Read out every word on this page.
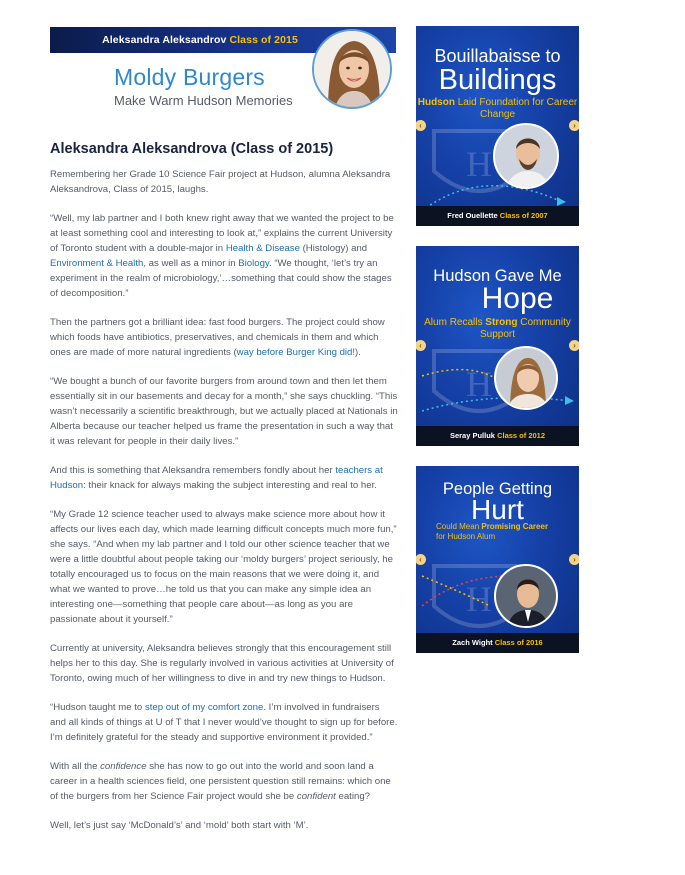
Aleksandra Aleksandrov Class of 2015
Moldy Burgers
Make Warm Hudson Memories
Aleksandra Aleksandrova (Class of 2015)

Remembering her Grade 10 Science Fair project at Hudson, alumna Aleksandra Aleksandrova, Class of 2015, laughs.

“Well, my lab partner and I both knew right away that we wanted the project to be at least something cool and interesting to look at,” explains the current University of Toronto student with a double-major in Health & Disease (Histology) and Environment & Health, as well as a minor in Biology. “We thought, ‘let’s try an experiment in the realm of microbiology,’…something that could show the stages of decomposition.”

Then the partners got a brilliant idea: fast food burgers. The project could show which foods have antibiotics, preservatives, and chemicals in them and which ones are made of more natural ingredients (way before Burger King did!).

“We bought a bunch of our favorite burgers from around town and then let them essentially sit in our basements and decay for a month,” she says chuckling. “This wasn’t necessarily a scientific breakthrough, but we actually placed at Nationals in Alberta because our teacher helped us frame the presentation in such a way that it was relevant for people in their daily lives.”

And this is something that Aleksandra remembers fondly about her teachers at Hudson: their knack for always making the subject interesting and real to her.

“My Grade 12 science teacher used to always make science more about how it affects our lives each day, which made learning difficult concepts much more fun,” she says. “And when my lab partner and I told our other science teacher that we were a little doubtful about people taking our ‘moldy burgers’ project seriously, he totally encouraged us to focus on the main reasons that we were doing it, and what we wanted to prove…he told us that you can make any simple idea an interesting one—something that people care about—as long as you are passionate about it yourself.”

Currently at university, Aleksandra believes strongly that this encouragement still helps her to this day. She is regularly involved in various activities at University of Toronto, owing much of her willingness to dive in and try new things to Hudson.

“Hudson taught me to step out of my comfort zone. I’m involved in fundraisers and all kinds of things at U of T that I never would’ve thought to sign up for before. I’m definitely grateful for the steady and supportive environment it provided.”

With all the confidence she has now to go out into the world and soon land a career in a health sciences field, one persistent question still remains: which one of the burgers from her Science Fair project would she be confident eating?

Well, let’s just say ‘McDonald’s’ and ‘mold’ both start with ‘M’.

H
Bouillabaisse to
Buildings
Hudson Laid Foundation for Career Change
‹	›
Fred Ouellette Class of 2007
H
Hudson Gave Me
Hope
Alum Recalls Strong Community Support
‹	›
Seray Pulluk Class of 2012
H
People Getting
Hurt
Could Mean Promising Career
for Hudson Alum
‹	›
Zach Wight Class of 2016
